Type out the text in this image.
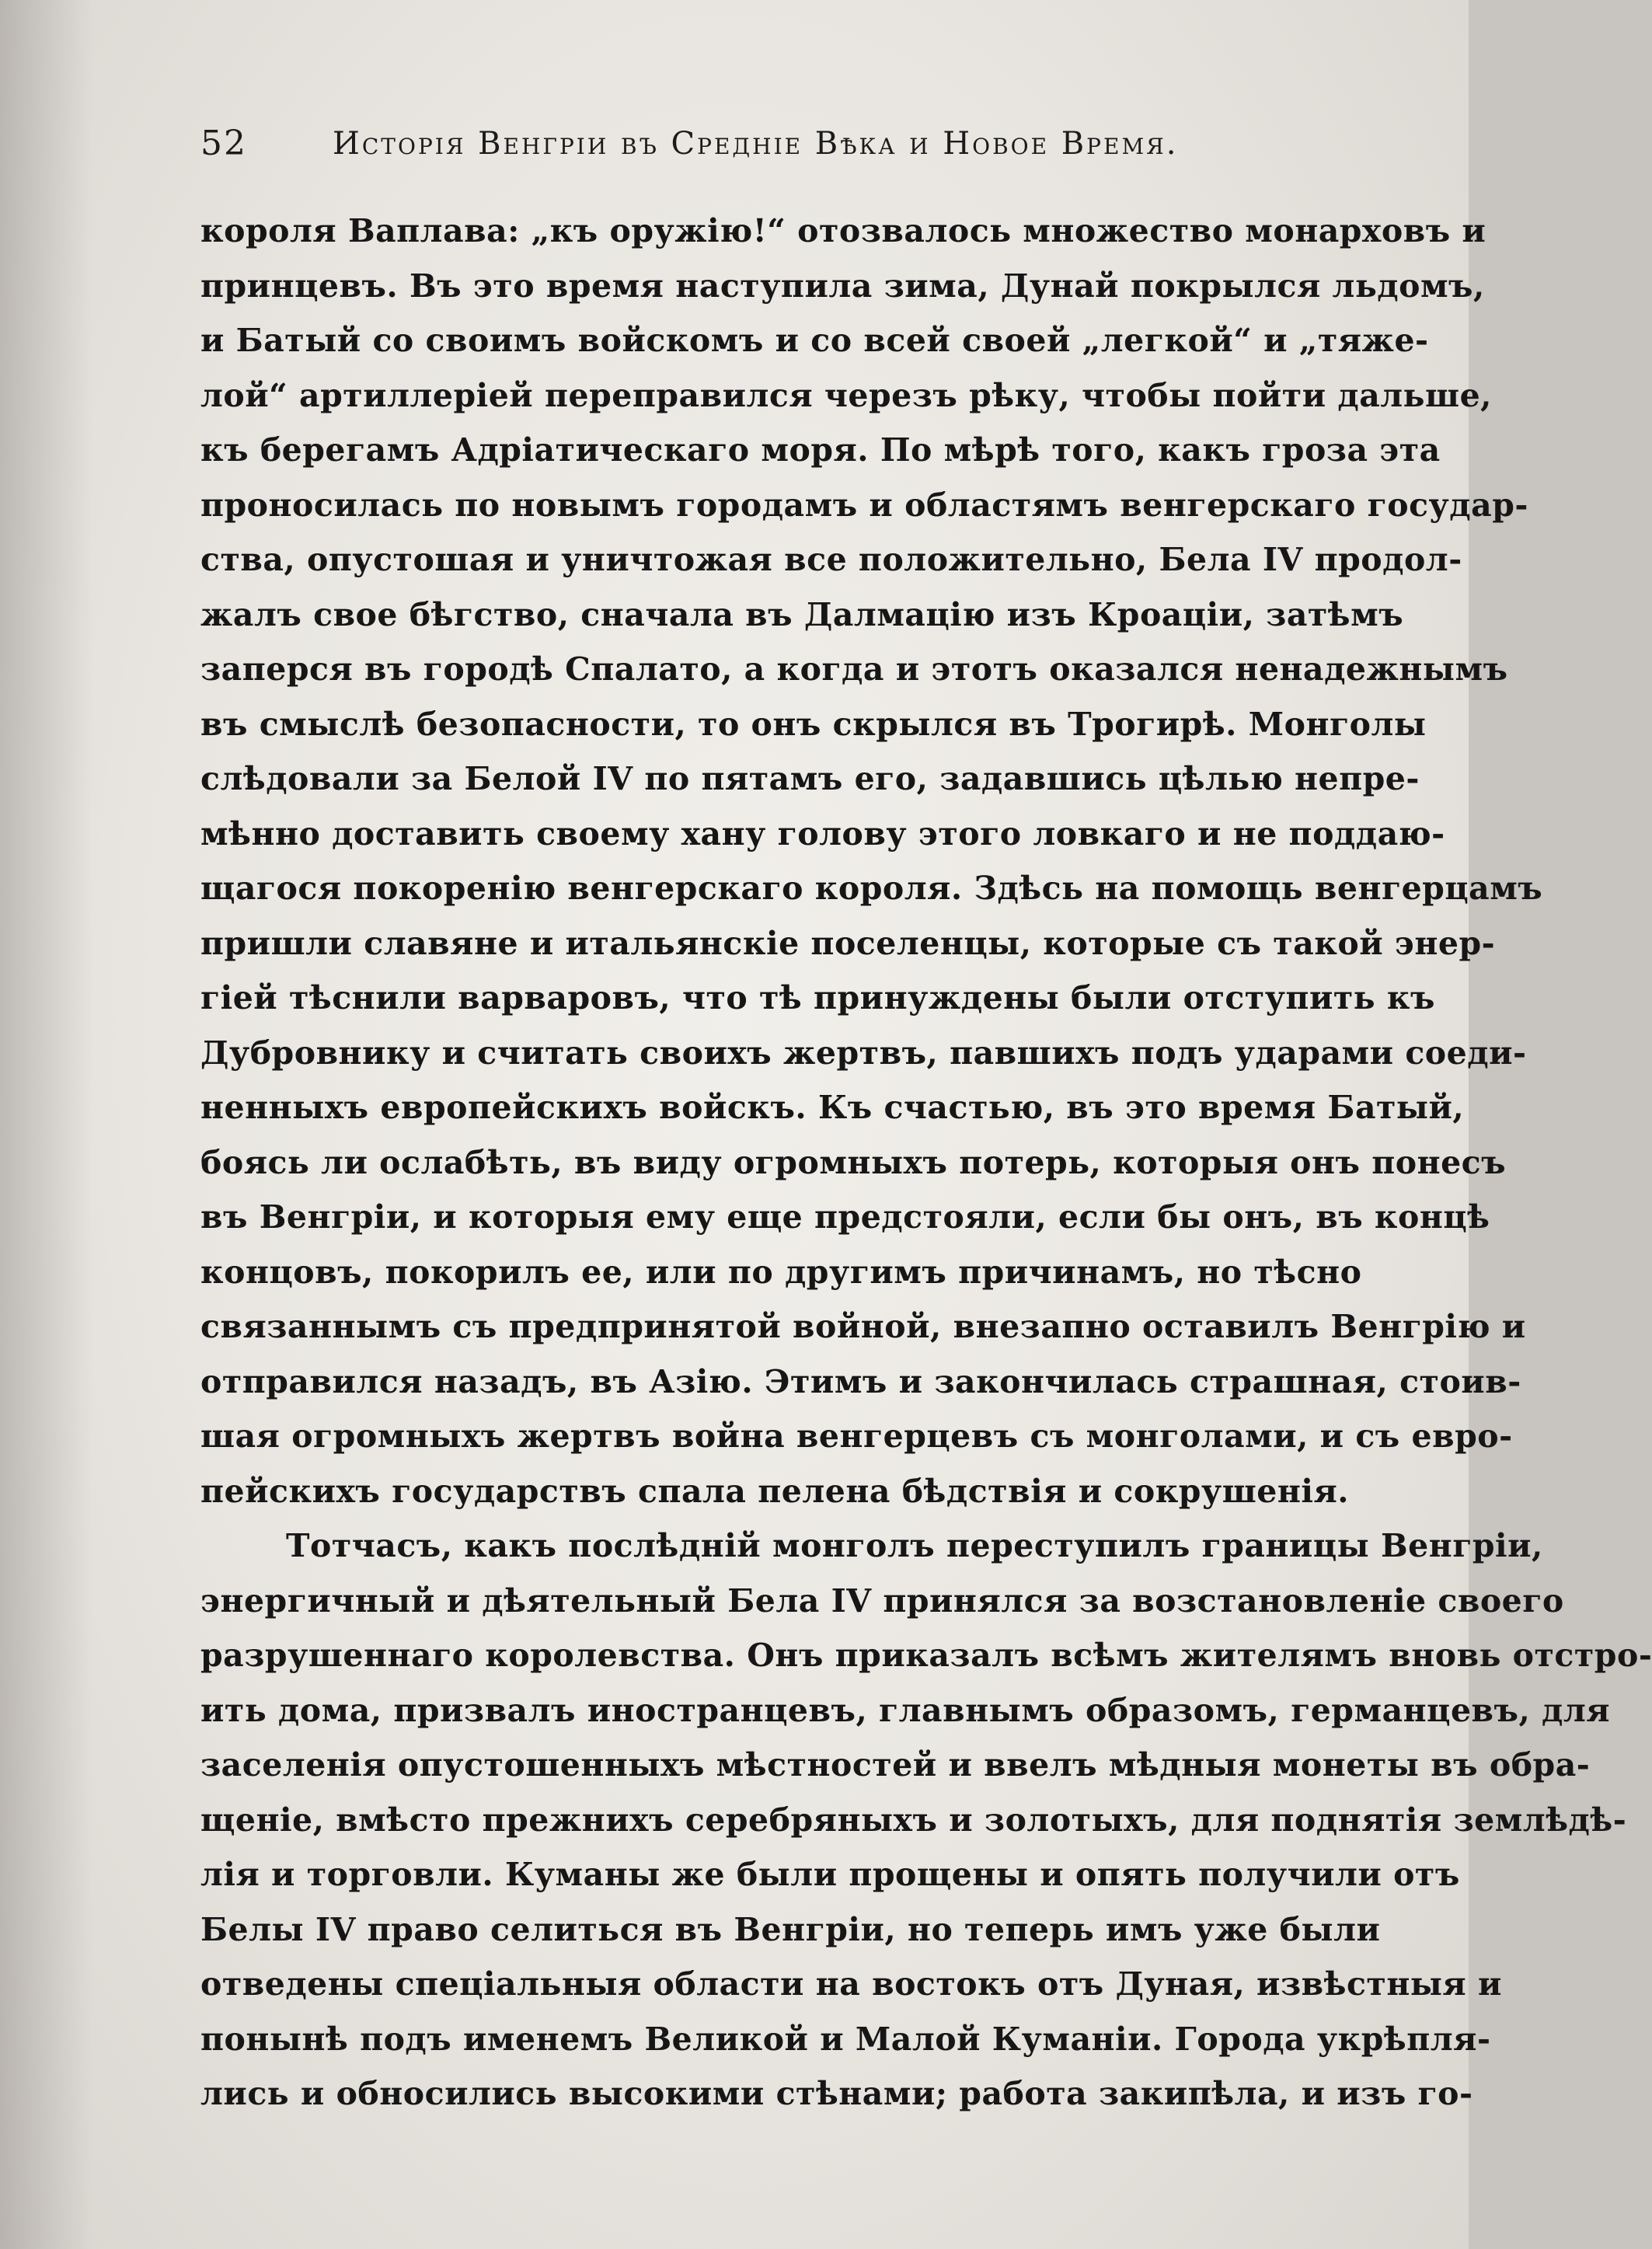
52	Исторія Венгріи въ Средніе Вѣка и Новое Время.
короля Ваплава: „къ оружію!“ отозвалось множество монарховъ и
принцевъ. Въ это время наступила зима, Дунай покрылся льдомъ,
и Батый со своимъ войскомъ и со всей своей „легкой“ и „тяже-
лой“ артиллеріей переправился черезъ рѣку, чтобы пойти дальше,
къ берегамъ Адріатическаго моря. По мѣрѣ того, какъ гроза эта
проносилась по новымъ городамъ и областямъ венгерскаго государ-
ства, опустошая и уничтожая все положительно, Бела IV продол-
жалъ свое бѣгство, сначала въ Далмацію изъ Кроаціи, затѣмъ
заперся въ городѣ Спалато, а когда и этотъ оказался ненадежнымъ
въ смыслѣ безопасности, то онъ скрылся въ Трогирѣ. Монголы
слѣдовали за Белой IV по пятамъ его, задавшись цѣлью непре-
мѣнно доставить своему хану голову этого ловкаго и не поддаю-
щагося покоренію венгерскаго короля. Здѣсь на помощь венгерцамъ
пришли славяне и итальянскіе поселенцы, которые съ такой энер-
гіей тѣснили варваровъ, что тѣ принуждены были отступить къ
Дубровнику и считать своихъ жертвъ, павшихъ подъ ударами соеди-
ненныхъ европейскихъ войскъ. Къ счастью, въ это время Батый,
боясь ли ослабѣть, въ виду огромныхъ потерь, которыя онъ понесъ
въ Венгріи, и которыя ему еще предстояли, если бы онъ, въ концѣ
концовъ, покорилъ ее, или по другимъ причинамъ, но тѣсно
связаннымъ съ предпринятой войной, внезапно оставилъ Венгрію и
отправился назадъ, въ Азію. Этимъ и закончилась страшная, стоив-
шая огромныхъ жертвъ война венгерцевъ съ монголами, и съ евро-
пейскихъ государствъ спала пелена бѣдствія и сокрушенія.
Тотчасъ, какъ послѣдній монголъ переступилъ границы Венгріи,
энергичный и дѣятельный Бела IV принялся за возстановленіе своего
разрушеннаго королевства. Онъ приказалъ всѣмъ жителямъ вновь отстро-
ить дома, призвалъ иностранцевъ, главнымъ образомъ, германцевъ, для
заселенія опустошенныхъ мѣстностей и ввелъ мѣдныя монеты въ обра-
щеніе, вмѣсто прежнихъ серебряныхъ и золотыхъ, для поднятія землѣдѣ-
лія и торговли. Куманы же были прощены и опять получили отъ
Белы IV право селиться въ Венгріи, но теперь имъ уже были
отведены спеціальныя области на востокъ отъ Дуная, извѣстныя и
понынѣ подъ именемъ Великой и Малой Куманіи. Города укрѣпля-
лись и обносились высокими стѣнами; работа закипѣла, и изъ го-
